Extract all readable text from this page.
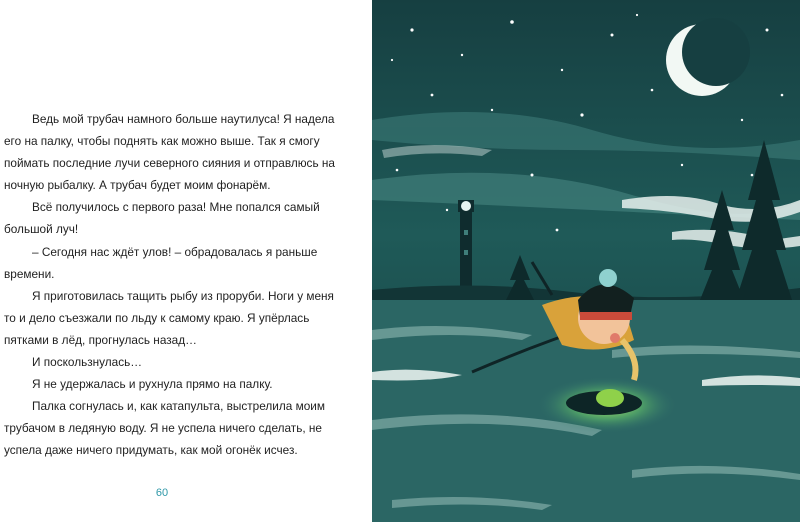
Ведь мой трубач намного больше наутилуса! Я надела его на палку, чтобы поднять как можно выше. Так я смогу поймать последние лучи северного сияния и отправлюсь на ночную рыбалку. А трубач будет моим фонарём.

Всё получилось с первого раза! Мне попался самый большой луч!

– Сегодня нас ждёт улов! – обрадовалась я раньше времени.

Я приготовилась тащить рыбу из проруби. Ноги у меня то и дело съезжали по льду к самому краю. Я упёрлась пятками в лёд, прогнулась назад…

И поскользнулась…

Я не удержалась и рухнула прямо на палку.

Палка согнулась и, как катапульта, выстрелила моим трубачом в ледяную воду. Я не успела ничего сделать, не успела даже ничего придумать, как мой огонёк исчез.

60
